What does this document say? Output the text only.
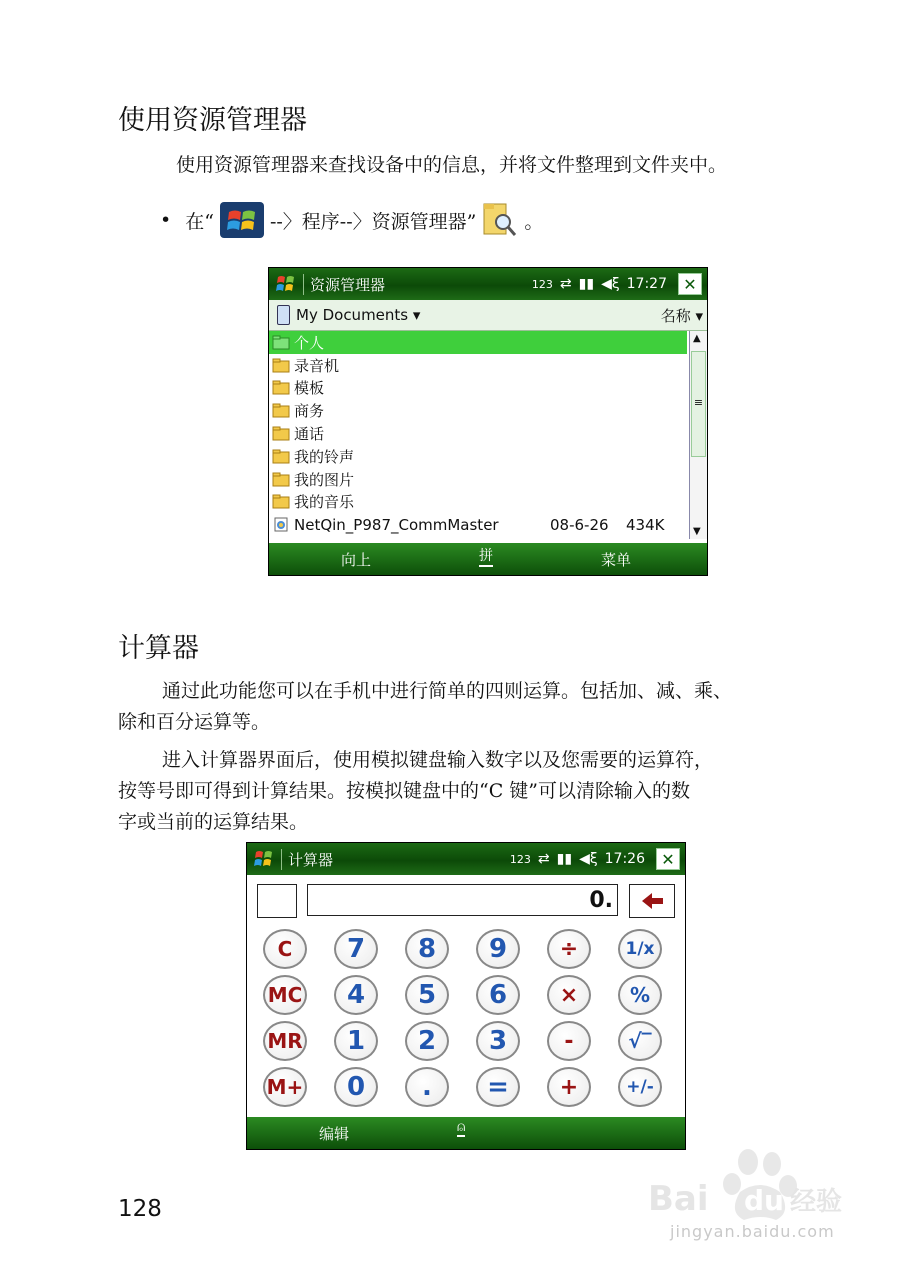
使用资源管理器

使用资源管理器来查找设备中的信息，并将文件整理到文件夹中。

• 在“	--〉程序--〉资源管理器”	。
资源管理器	123 ⇄ ▮▮ ◀ξ 17:27	✕
My Documents ▾	名称 ▾
个人
录音机
模板
商务
通话
我的铃声
我的图片
我的音乐
NetQin_P987_CommMaster	08-6-26 434K
▲
≡
▼
向上	拼	菜单
计算器

通过此功能您可以在手机中进行简单的四则运算。包括加、减、乘、

除和百分运算等。

进入计算器界面后，使用模拟键盘输入数字以及您需要的运算符，

按等号即可得到计算结果。按模拟键盘中的“C 键”可以清除输入的数

字或当前的运算结果。

计算器	123 ⇄ ▮▮ ◀ξ 17:26	✕
0.
C	7	8	9	÷	1/x
MC	4	5	6	×	%
MR	1	2	3	-	√‾
M+	0	.	=	+	+/-
编辑	⍝
128	Bai du 经验
jingyan.baidu.com
